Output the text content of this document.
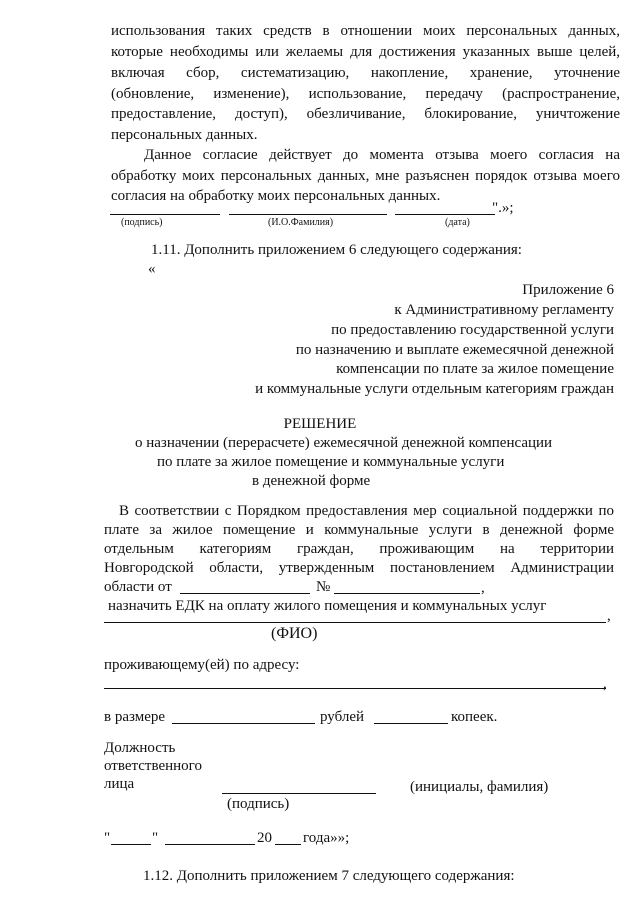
использования таких средств в отношении моих персональных данных,
которые необходимы или желаемы для достижения указанных выше целей,
включая сбор, систематизацию, накопление, хранение, уточнение
(обновление, изменение), использование, передачу (распространение,
предоставление, доступ), обезличивание, блокирование, уничтожение
персональных данных.
Данное согласие действует до момента отзыва моего согласия на
обработку моих персональных данных, мне разъяснен порядок отзыва моего
согласия на обработку моих персональных данных.
".»;
(подпись)	(И.О.Фамилия)	(дата)
1.11. Дополнить приложением 6 следующего содержания:
«
Приложение 6
к Административному регламенту
по предоставлению государственной услуги
по назначению и выплате ежемесячной денежной
компенсации по плате за жилое помещение
и коммунальные услуги отдельным категориям граждан
РЕШЕНИЕ
о назначении (перерасчете) ежемесячной денежной компенсации
по плате за жилое помещение и коммунальные услуги
в денежной форме
В соответствии с Порядком предоставления мер социальной поддержки по
плате за жилое помещение и коммунальные услуги в денежной форме
отдельным категориям граждан, проживающим на территории
Новгородской области, утвержденным постановлением Администрации
области от	№	,
назначить ЕДК на оплату жилого помещения и коммунальных услуг
,
(ФИО)
проживающему(ей) по адресу:
,
в размере	рублей	копеек.
Должность
ответственного
лица	(инициалы, фамилия)
(подпись)
"	"	20 года»»;
1.12. Дополнить приложением 7 следующего содержания:
